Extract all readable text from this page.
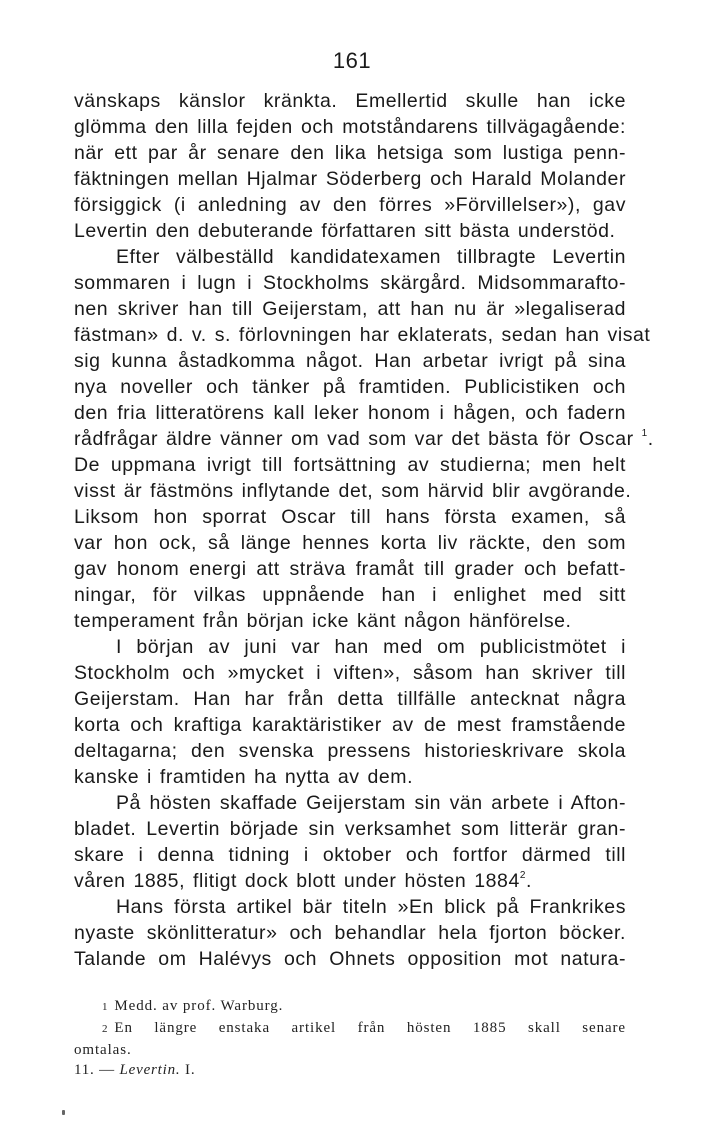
161
vänskaps känslor kränkta. Emellertid skulle han icke
glömma den lilla fejden och motståndarens tillvägagående:
när ett par år senare den lika hetsiga som lustiga penn-
fäktningen mellan Hjalmar Söderberg och Harald Molander
försiggick (i anledning av den förres »Förvillelser»), gav
Levertin den debuterande författaren sitt bästa understöd.
Efter välbeställd kandidatexamen tillbragte Levertin
sommaren i lugn i Stockholms skärgård. Midsommarafto-
nen skriver han till Geijerstam, att han nu är »legaliserad
fästman» d. v. s. förlovningen har eklaterats, sedan han visat
sig kunna åstadkomma något. Han arbetar ivrigt på sina
nya noveller och tänker på framtiden. Publicistiken och
den fria litteratörens kall leker honom i hågen, och fadern
rådfrågar äldre vänner om vad som var det bästa för Oscar $^1$.
De uppmana ivrigt till fortsättning av studierna; men helt
visst är fästmöns inflytande det, som härvid blir avgörande.
Liksom hon sporrat Oscar till hans första examen, så
var hon ock, så länge hennes korta liv räckte, den som
gav honom energi att sträva framåt till grader och befatt-
ningar, för vilkas uppnående han i enlighet med sitt
temperament från början icke känt någon hänförelse.
I början av juni var han med om publicistmötet i
Stockholm och »mycket i viften», såsom han skriver till
Geijerstam. Han har från detta tillfälle antecknat några
korta och kraftiga karaktäristiker av de mest framstående
deltagarna; den svenska pressens historieskrivare skola
kanske i framtiden ha nytta av dem.
På hösten skaffade Geijerstam sin vän arbete i Afton-
bladet. Levertin började sin verksamhet som litterär gran-
skare i denna tidning i oktober och fortfor därmed till
våren 1885, flitigt dock blott under hösten 1884$^2$.
Hans första artikel bär titeln »En blick på Frankrikes
nyaste skönlitteratur» och behandlar hela fjorton böcker.
Talande om Halévys och Ohnets opposition mot natura-
$^1$ Medd. av prof. Warburg.
$^2$ En längre enstaka artikel från hösten 1885 skall senare
omtalas.
11. — Levertin. I.
